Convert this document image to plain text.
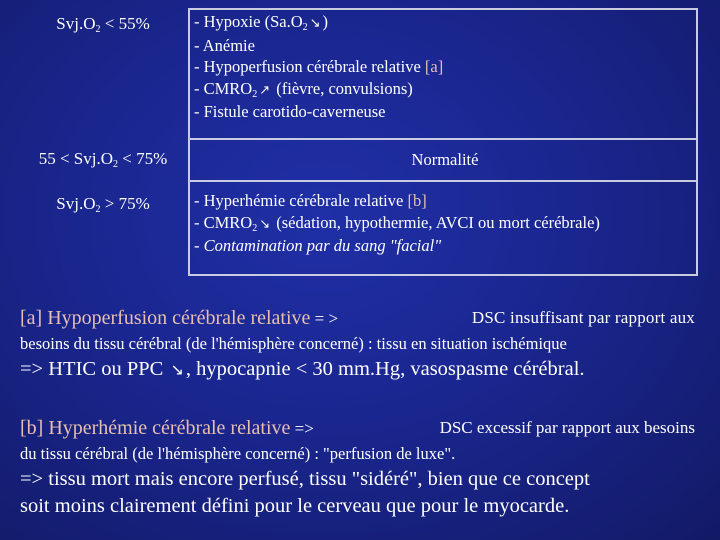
$Svj.O_2 < 55\%$	- Hypoxie ($Sa.O_2$ ↘ )
- Anémie
- Hypoperfusion cérébrale relative [a]
- $CMRO_2$ ↗ (fièvre, convulsions)
- Fistule carotido-caverneuse
$55 < Svj.O_2 < 75\%$	Normalité
$Svj.O_2 > 75\%$	- Hyperhémie cérébrale relative [b]
- $CMRO_2$ ↘ (sédation, hypothermie, AVCI ou mort cérébrale)
- Contamination par du sang "facial"
[a] Hypoperfusion cérébrale relative = >	DSC insuffisant par rapport aux
besoins du tissu cérébral (de l'hémisphère concerné) : tissu en situation ischémique
=> HTIC ou PPC ↘, hypocapnie < 30 mm.Hg, vasospasme cérébral.
[b] Hyperhémie cérébrale relative =>	DSC excessif par rapport aux besoins
du tissu cérébral (de l'hémisphère concerné) : "perfusion de luxe".
=> tissu mort mais encore perfusé, tissu "sidéré", bien que ce concept
soit moins clairement défini pour le cerveau que pour le myocarde.
